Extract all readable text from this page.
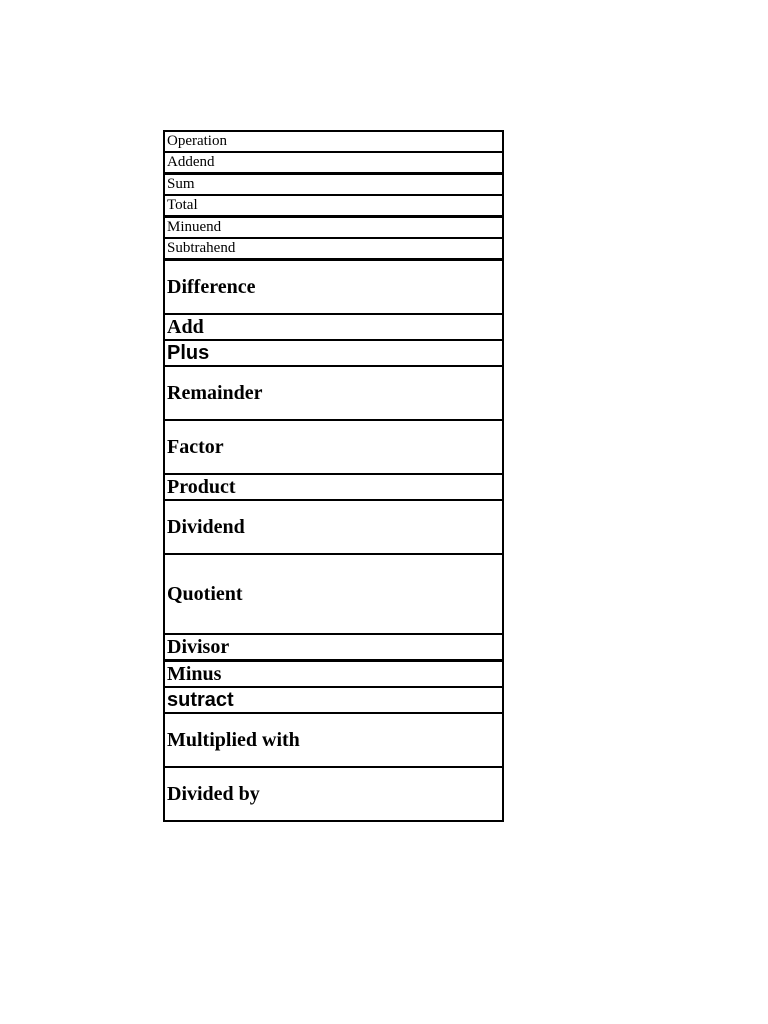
Operation
Addend
Sum
Total
Minuend
Subtrahend
Difference
Add
Plus
Remainder
Factor
Product
Dividend
Quotient
Divisor
Minus
sutract
Multiplied with
Divided by
